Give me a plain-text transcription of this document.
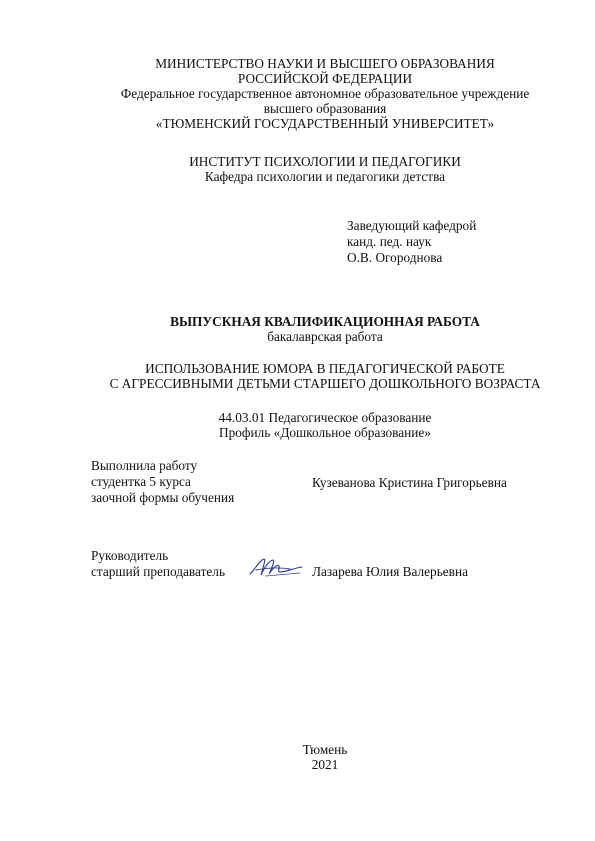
МИНИСТЕРСТВО НАУКИ И ВЫСШЕГО ОБРАЗОВАНИЯ
РОССИЙСКОЙ ФЕДЕРАЦИИ
Федеральное государственное автономное образовательное учреждение
высшего образования
«ТЮМЕНСКИЙ ГОСУДАРСТВЕННЫЙ УНИВЕРСИТЕТ»
ИНСТИТУТ ПСИХОЛОГИИ И ПЕДАГОГИКИ
Кафедра психологии и педагогики детства
Заведующий кафедрой
канд. пед. наук
О.В. Огороднова
ВЫПУСКНАЯ КВАЛИФИКАЦИОННАЯ РАБОТА
бакалаврская работа
ИСПОЛЬЗОВАНИЕ ЮМОРА В ПЕДАГОГИЧЕСКОЙ РАБОТЕ
С АГРЕССИВНЫМИ ДЕТЬМИ СТАРШЕГО ДОШКОЛЬНОГО ВОЗРАСТА
44.03.01 Педагогическое образование
Профиль «Дошкольное образование»
Выполнила работу
студентка 5 курса
заочной формы обучения
Кузеванова Кристина Григорьевна
Руководитель
старший преподаватель	Лазарева Юлия Валерьевна
Тюмень
2021
